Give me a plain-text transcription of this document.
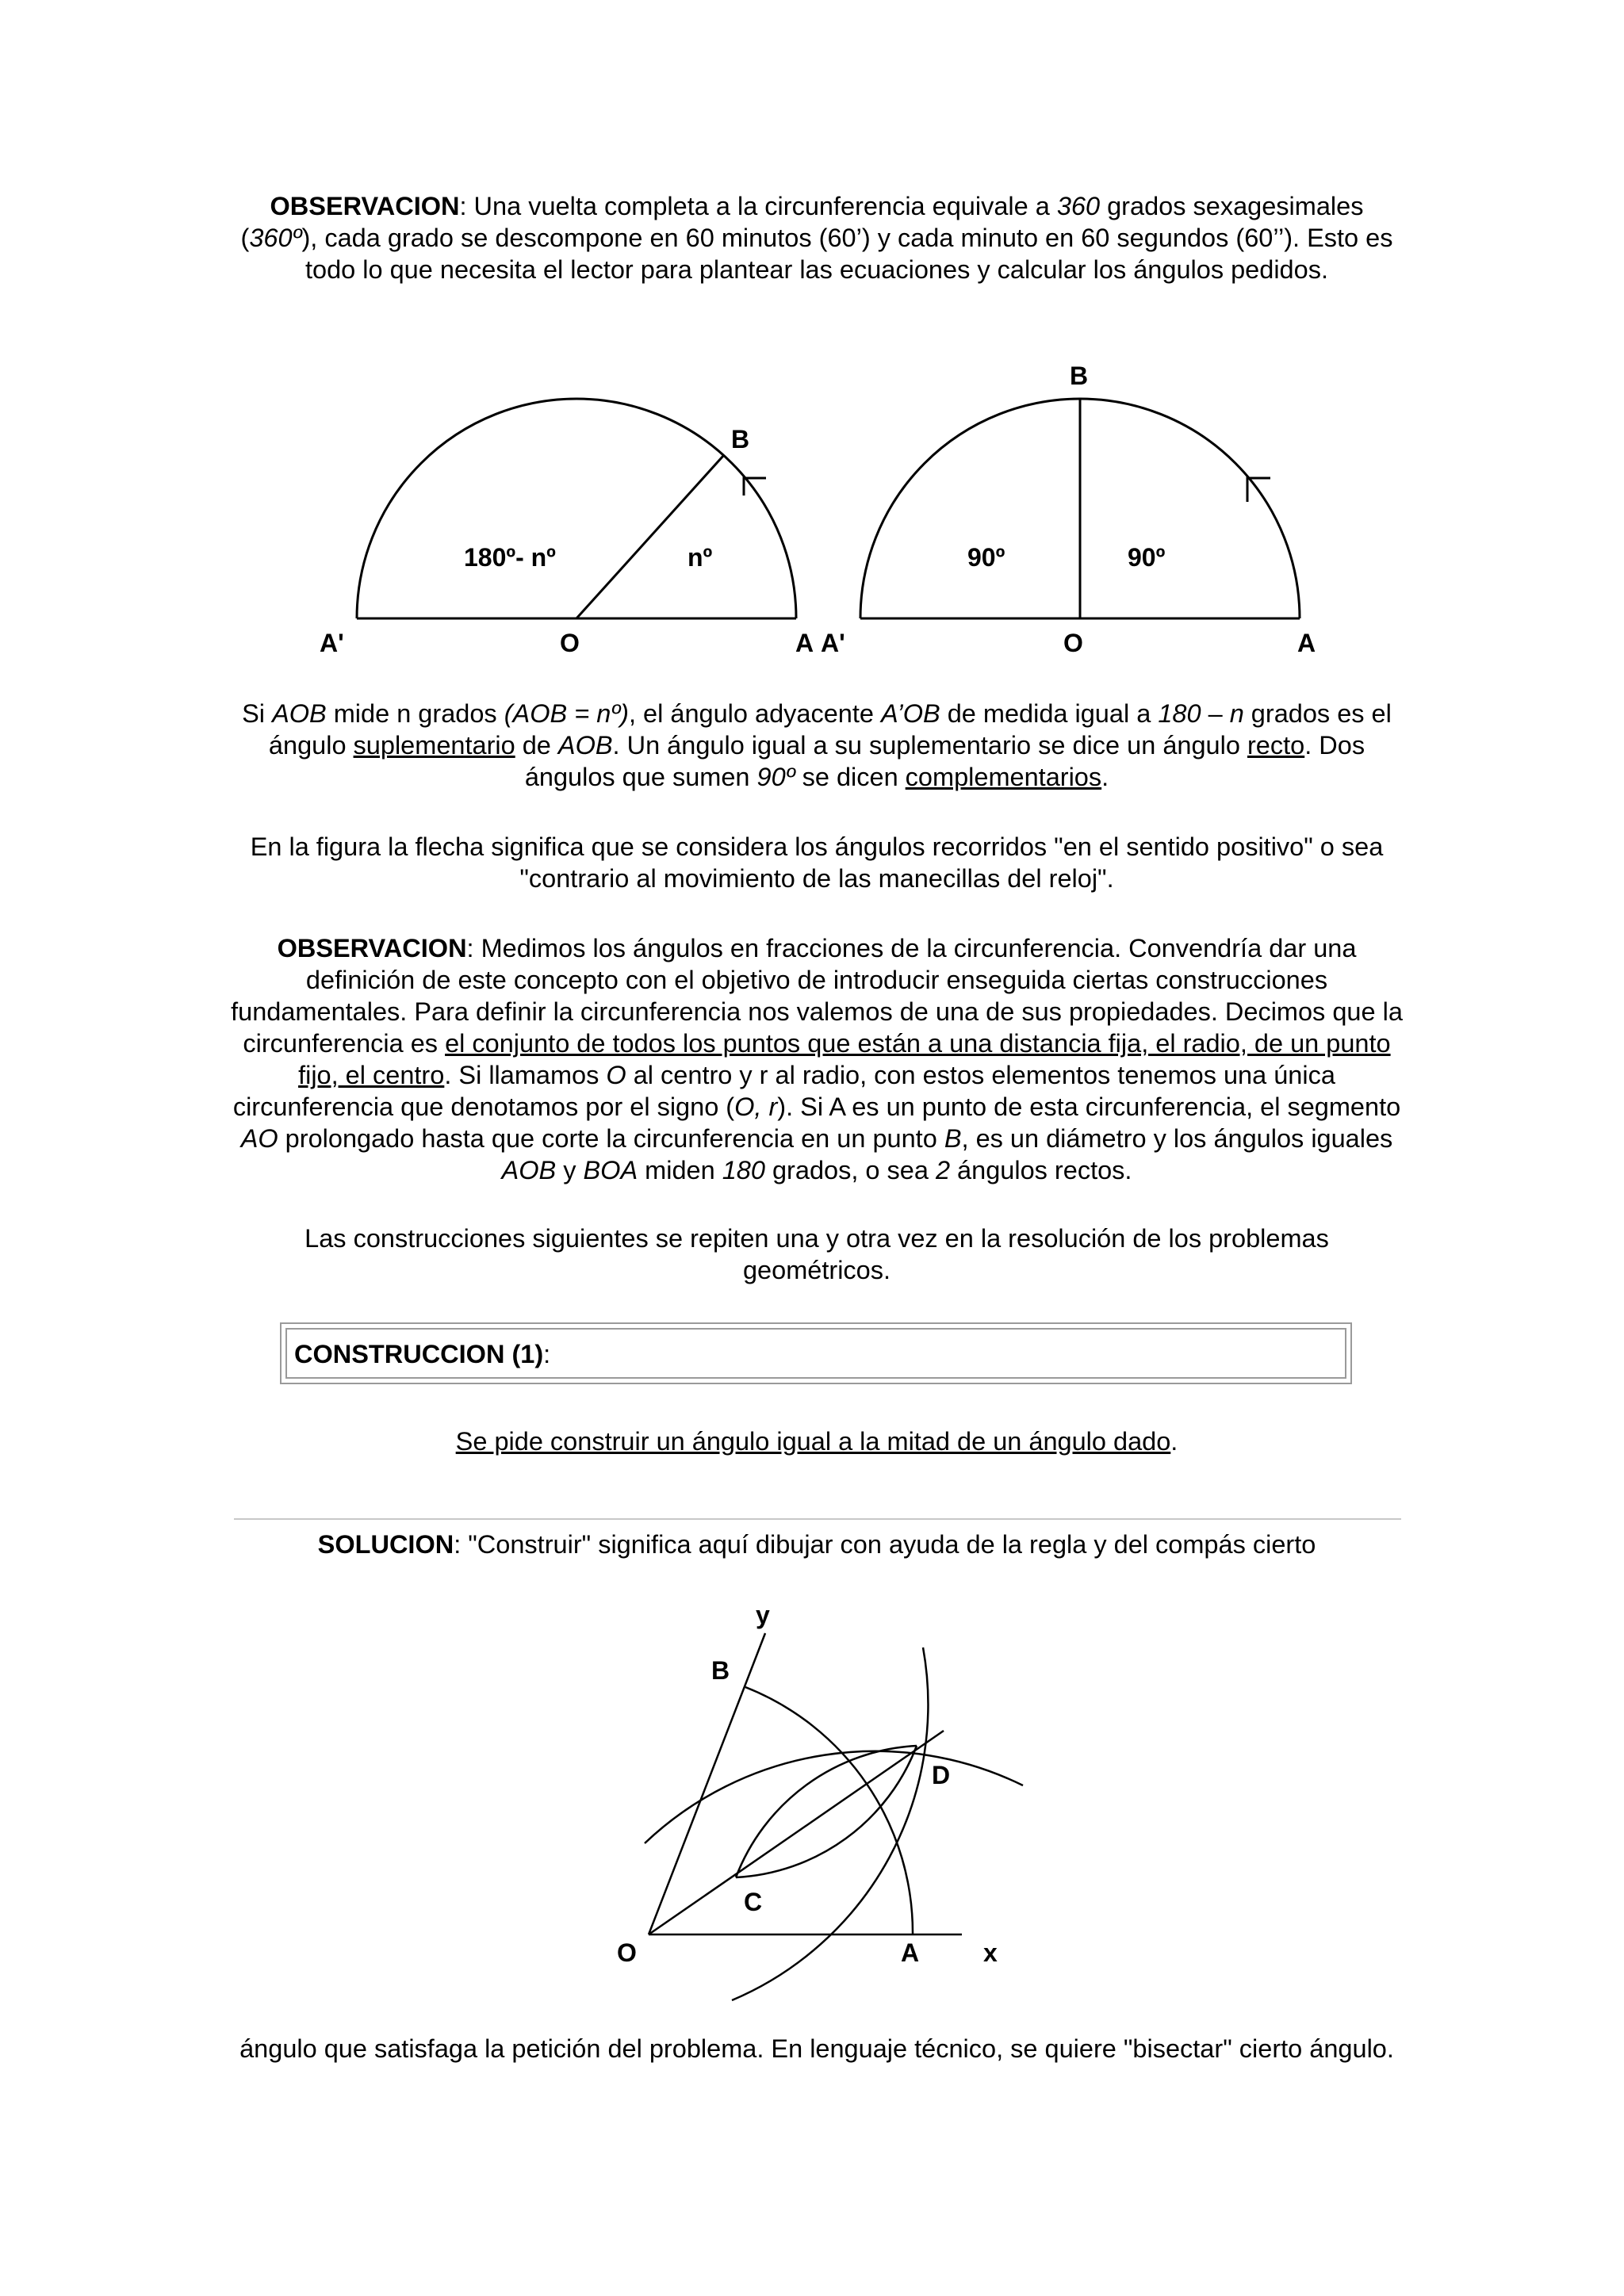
OBSERVACION: Una vuelta completa a la circunferencia equivale a 360 grados sexagesimales (360º), cada grado se descompone en 60 minutos (60’) y cada minuto en 60 segundos (60’’). Esto es todo lo que necesita el lector para plantear las ecuaciones y calcular los ángulos pedidos.

A'	O	A
B
180º- nº	nº
A'	O	A
B
90º	90º

Si AOB mide n grados (AOB = nº), el ángulo adyacente A’OB de medida igual a 180 – n grados es el ángulo suplementario de AOB. Un ángulo igual a su suplementario se dice un ángulo recto. Dos ángulos que sumen 90º se dicen complementarios.

En la figura la flecha significa que se considera los ángulos recorridos "en el sentido positivo" o sea "contrario al movimiento de las manecillas del reloj".

OBSERVACION: Medimos los ángulos en fracciones de la circunferencia. Convendría dar una definición de este concepto con el objetivo de introducir enseguida ciertas construcciones fundamentales. Para definir la circunferencia nos valemos de una de sus propiedades. Decimos que la circunferencia es el conjunto de todos los puntos que están a una distancia fija, el radio, de un punto fijo, el centro. Si llamamos O al centro y r al radio, con estos elementos tenemos una única circunferencia que denotamos por el signo (O, r). Si A es un punto de esta circunferencia, el segmento AO prolongado hasta que corte la circunferencia en un punto B, es un diámetro y los ángulos iguales AOB y BOA miden 180 grados, o sea 2 ángulos rectos.

Las construcciones siguientes se repiten una y otra vez en la resolución de los problemas geométricos.

CONSTRUCCION (1):

Se pide construir un ángulo igual a la mitad de un ángulo dado.

SOLUCION: "Construir" significa aquí dibujar con ayuda de la regla y del compás cierto

y
B
D
C
O	A	x

ángulo que satisfaga la petición del problema. En lenguaje técnico, se quiere "bisectar" cierto ángulo.
